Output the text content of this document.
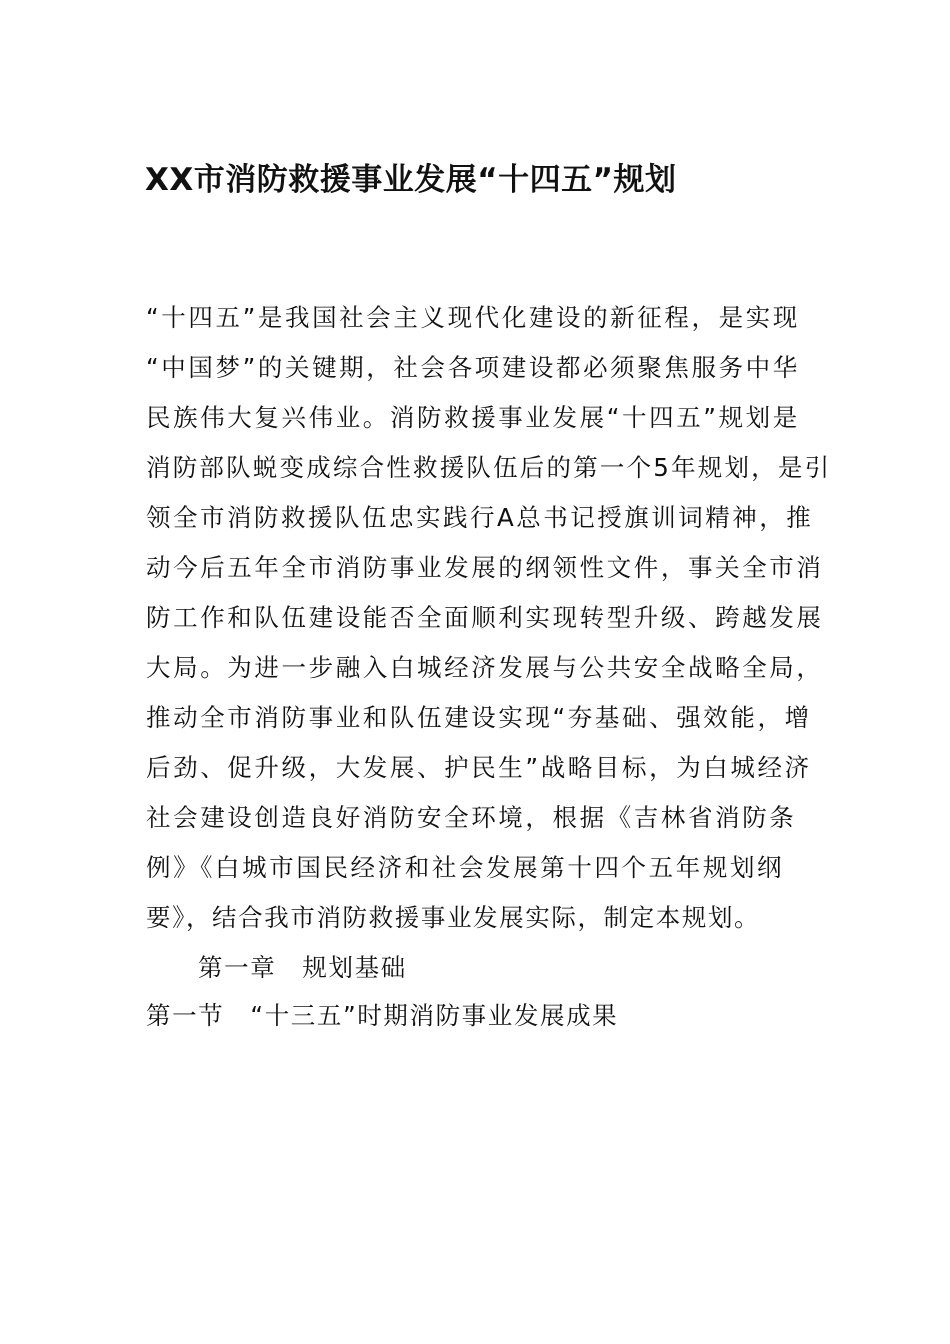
XX市消防救援事业发展“十四五”规划
“十四五”是我国社会主义现代化建设的新征程，是实现
“中国梦”的关键期，社会各项建设都必须聚焦服务中华
民族伟大复兴伟业。消防救援事业发展“十四五”规划是
消防部队蜕变成综合性救援队伍后的第一个5年规划，是引
领全市消防救援队伍忠实践行A总书记授旗训词精神，推
动今后五年全市消防事业发展的纲领性文件，事关全市消
防工作和队伍建设能否全面顺利实现转型升级、跨越发展
大局。为进一步融入白城经济发展与公共安全战略全局，
推动全市消防事业和队伍建设实现“夯基础、强效能，增
后劲、促升级，大发展、护民生”战略目标，为白城经济
社会建设创造良好消防安全环境，根据《吉林省消防条
例》《白城市国民经济和社会发展第十四个五年规划纲
要》，结合我市消防救援事业发展实际，制定本规划。
第一章　规划基础
第一节　“十三五”时期消防事业发展成果
